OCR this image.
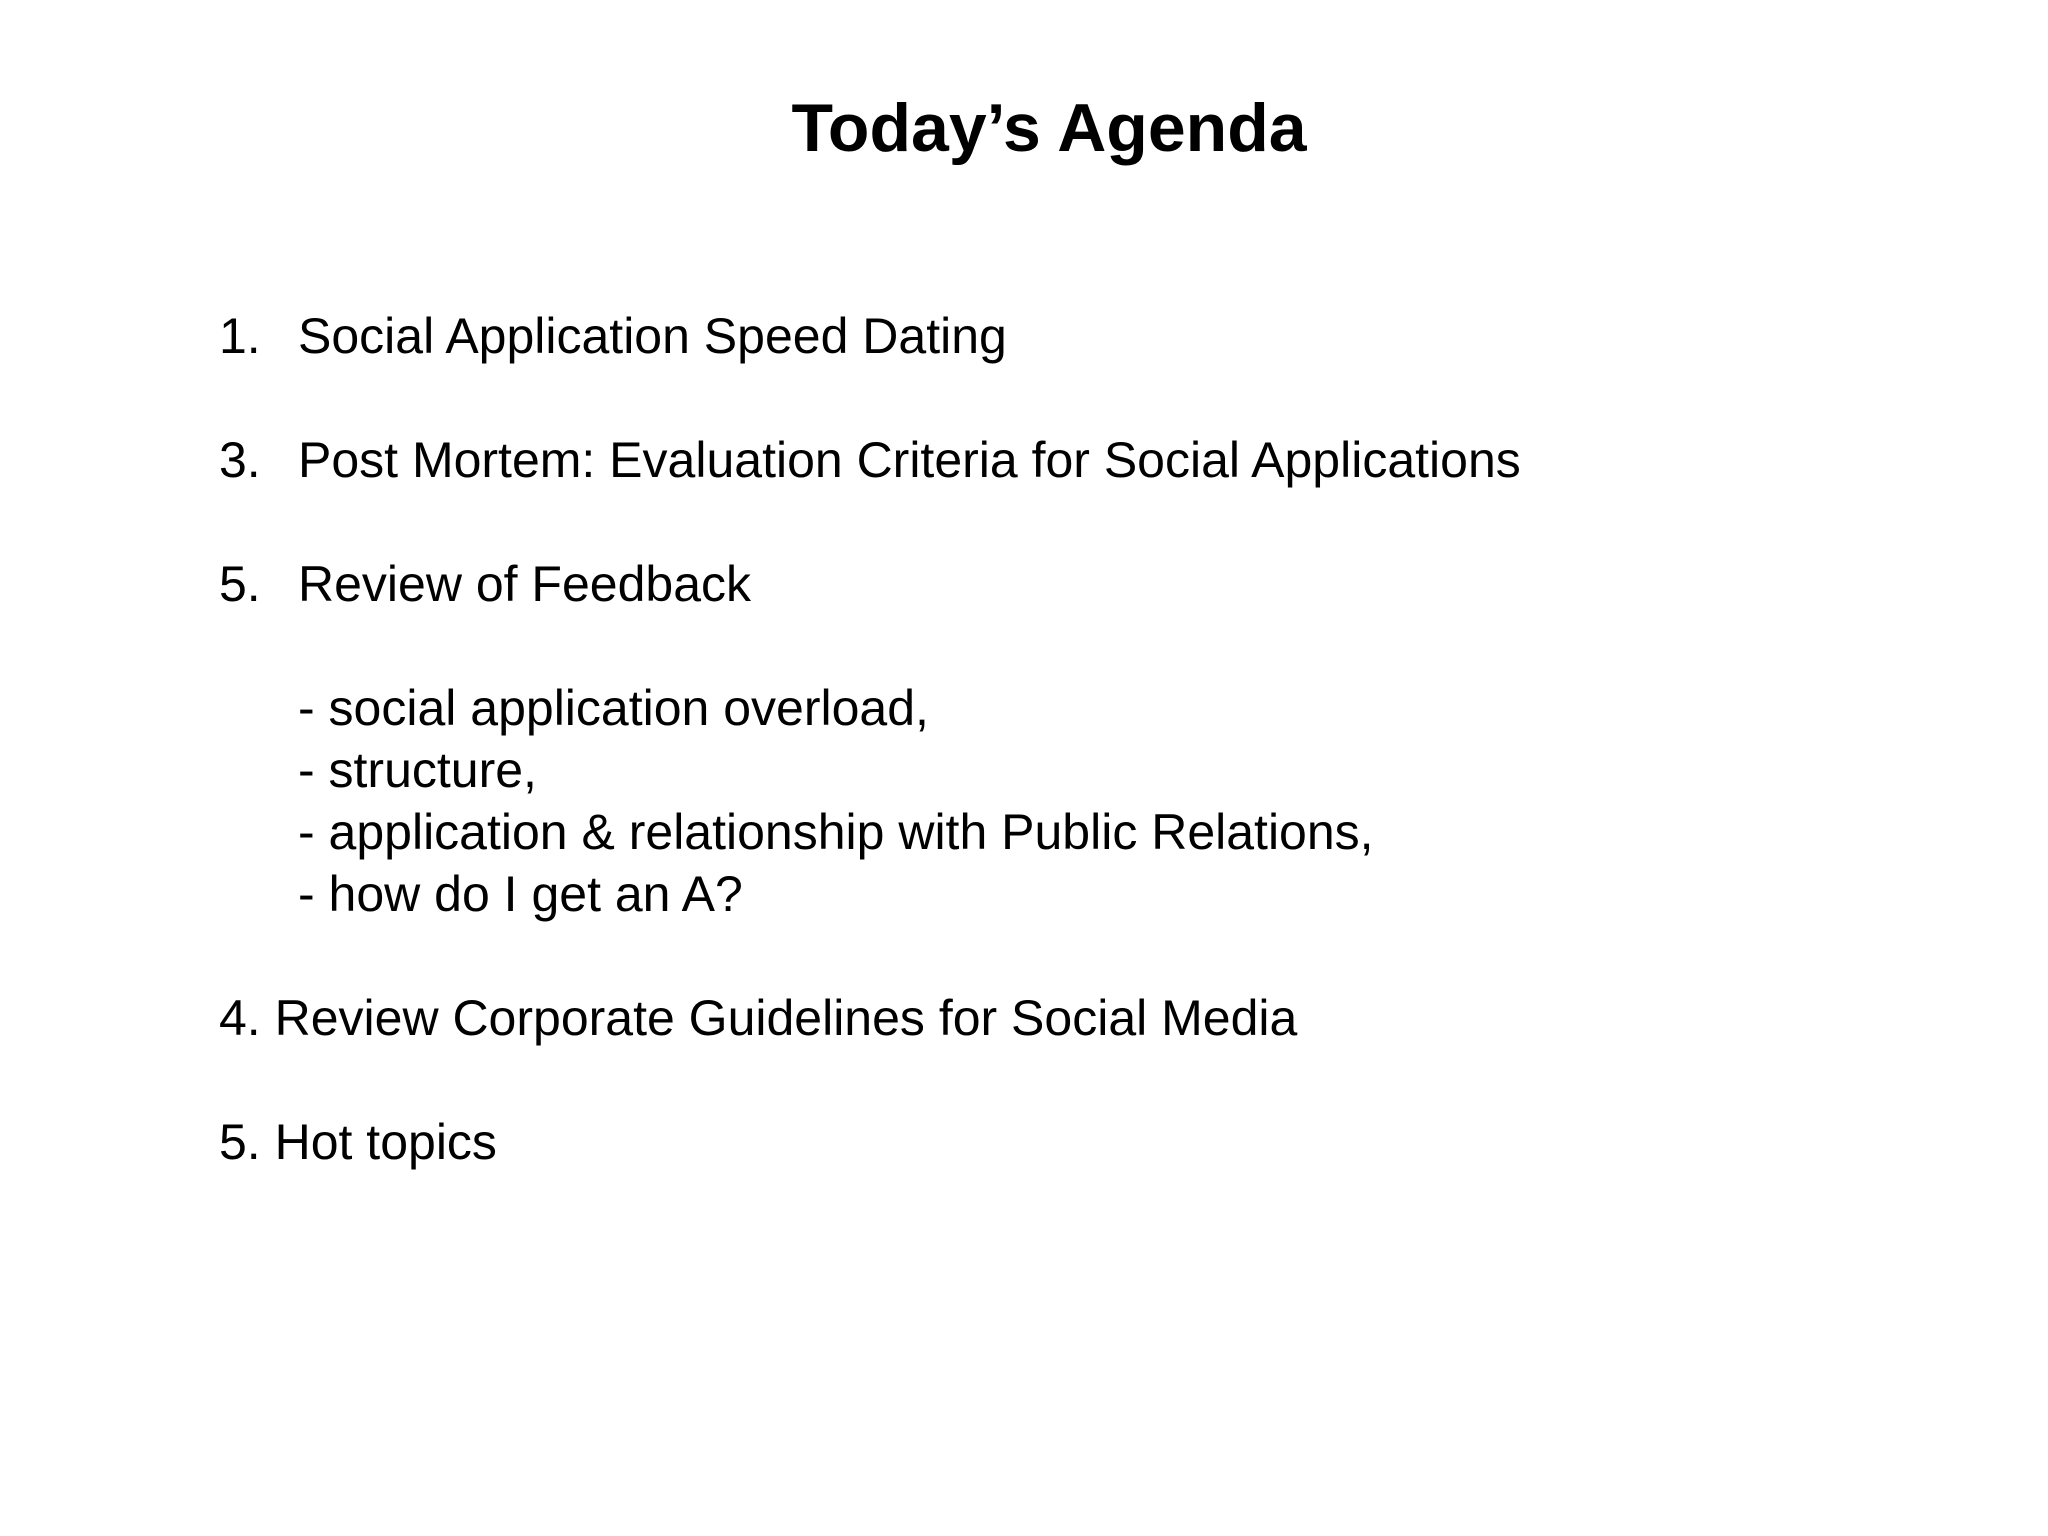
Today’s Agenda
1. Social Application Speed Dating
3. Post Mortem: Evaluation Criteria for Social Applications
5. Review of Feedback
- social application overload,
- structure,
- application & relationship with Public Relations,
- how do I get an A?
4. Review Corporate Guidelines for Social Media
5. Hot topics
